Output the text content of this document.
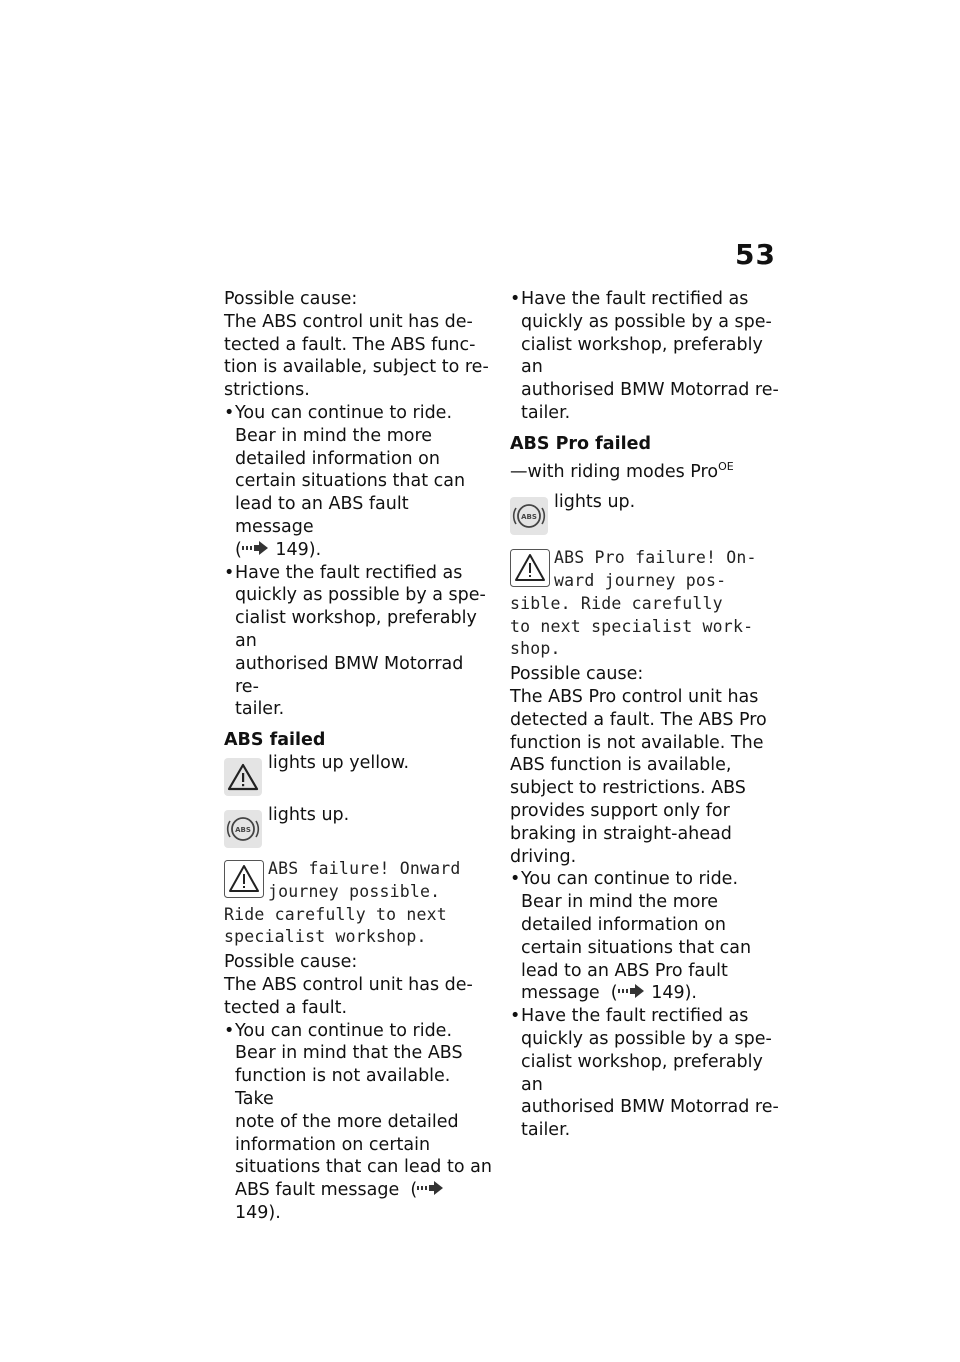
53

Possible cause:

The ABS control unit has de-

tected a fault. The ABS func-

tion is available, subject to re-

strictions.

• You can continue to ride.

Bear in mind the more

detailed information on

certain situations that can

lead to an ABS fault message

( 149).

• Have the fault rectified as

quickly as possible by a spe-

cialist workshop, preferably an

authorised BMW Motorrad re-

tailer.

ABS failed

lights up yellow.
ABS
lights up.
ABS failure! Onward
journey possible.
Ride carefully to next
specialist workshop.

Possible cause:

The ABS control unit has de-

tected a fault.

• You can continue to ride.

Bear in mind that the ABS

function is not available. Take

note of the more detailed

information on certain

situations that can lead to an

ABS fault message  ( 149).

• Have the fault rectified as

quickly as possible by a spe-

cialist workshop, preferably an

authorised BMW Motorrad re-

tailer.

ABS Pro failed

—with riding modes Pro$^{OE}$

ABS
lights up.
ABS Pro failure! On-
ward journey pos-
sible. Ride carefully
to next specialist work-
shop.

Possible cause:

The ABS Pro control unit has

detected a fault. The ABS Pro

function is not available. The

ABS function is available,

subject to restrictions. ABS

provides support only for

braking in straight-ahead

driving.

• You can continue to ride.

Bear in mind the more

detailed information on

certain situations that can

lead to an ABS Pro fault

message  ( 149).

• Have the fault rectified as

quickly as possible by a spe-

cialist workshop, preferably an

authorised BMW Motorrad re-

tailer.
